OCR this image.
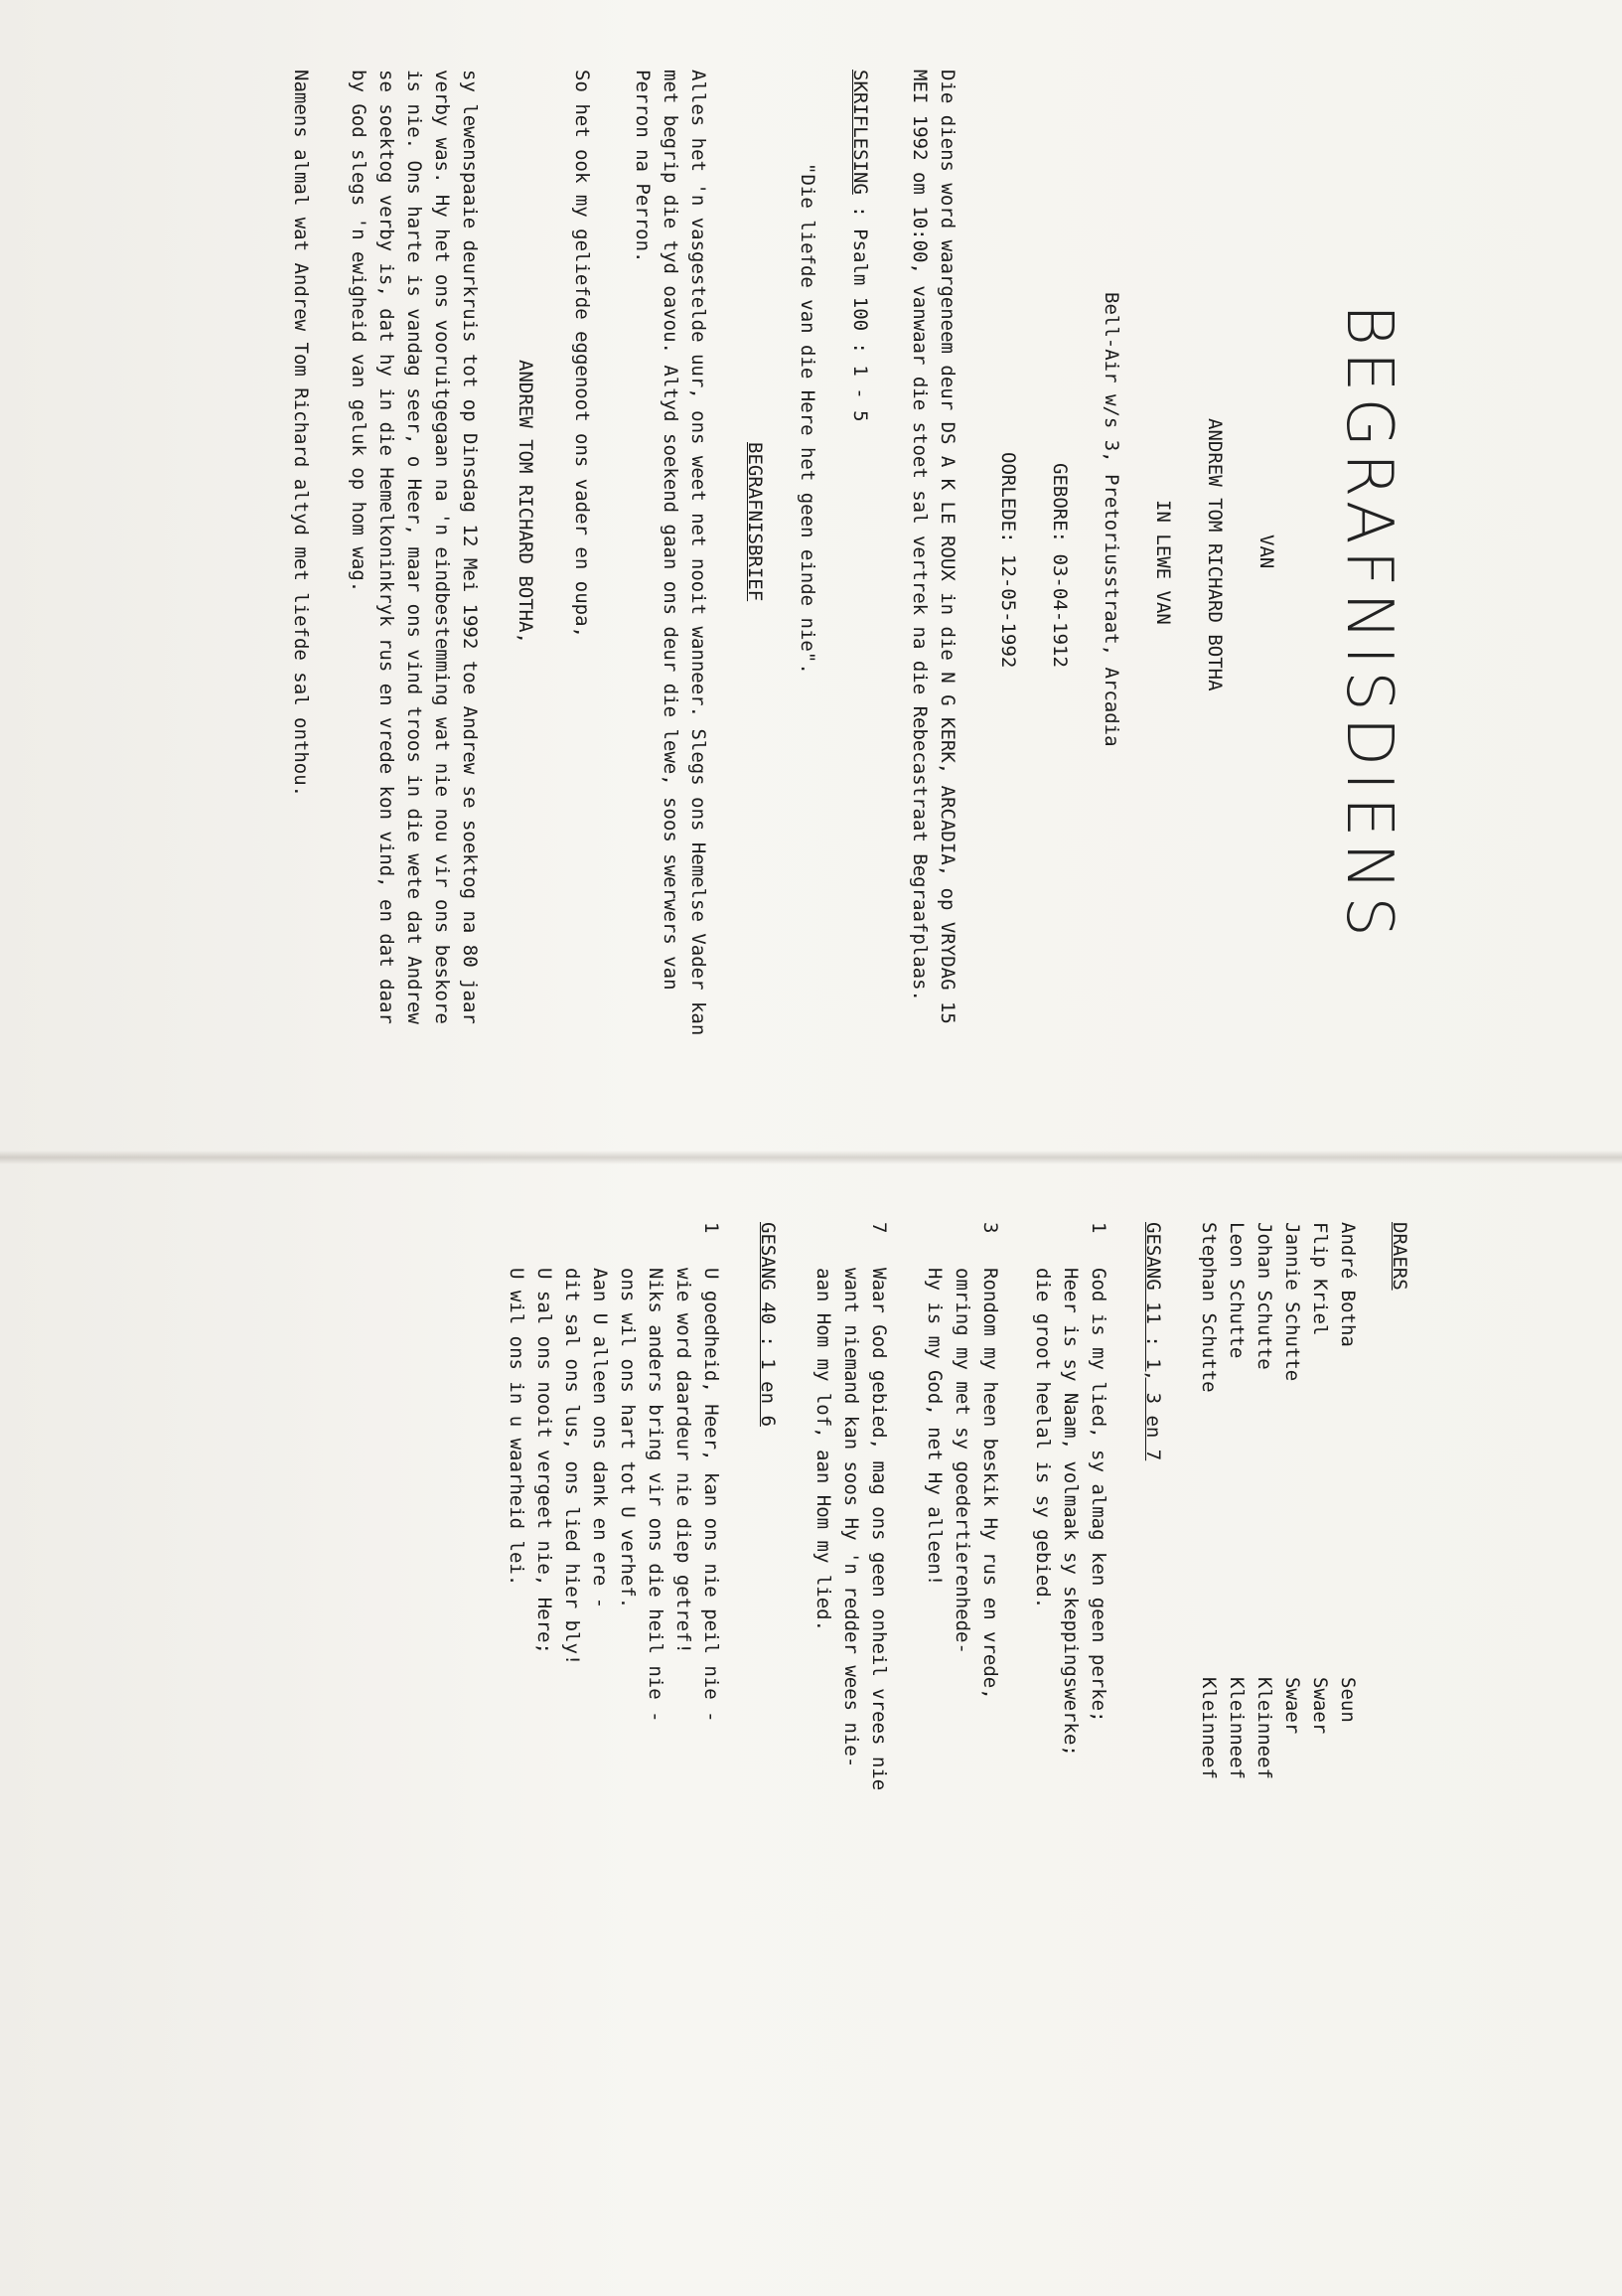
BEGRAFNISDIENS
VAN
ANDREW TOM RICHARD BOTHA
IN LEWE VAN
Bell-Air w/s 3, Pretoriusstraat, Arcadia
GEBORE: 03-04-1912
OORLEDE: 12-05-1992
Die diens word waargeneem deur DS A K LE ROUX in die N G KERK, ARCADIA, op VRYDAG 15
MEI 1992 om 10:00, vanwaar die stoet sal vertrek na die Rebecastraat Begraafplaas.
SKRIFLESING : Psalm 100 : 1 - 5
"Die liefde van die Here het geen einde nie".
BEGRAFNISBRIEF
Alles het 'n vasgestelde uur, ons weet net nooit wanneer. Slegs ons Hemelse Vader kan
met begrip die tyd oavou. Altyd soekend gaan ons deur die lewe, soos swerwers van
Perron na Perron.
So het ook my geliefde eggenoot ons vader en oupa,
ANDREW TOM RICHARD BOTHA,
sy lewenspaaie deurkruis tot op Dinsdag 12 Mei 1992 toe Andrew se soektog na 80 jaar
verby was. Hy het ons vooruitgegaan na 'n eindbestemming wat nie nou vir ons beskore
is nie. Ons harte is vandag seer, o Heer, maar ons vind troos in die wete dat Andrew
se soektog verby is, dat hy in die Hemelkoninkryk rus en vrede kon vind, en dat daar
by God slegs 'n ewigheid van geluk op hom wag.
Namens almal wat Andrew Tom Richard altyd met liefde sal onthou.
DRAERS
André Botha
Flip Kriel
Jannie Schutte
Johan Schutte
Leon Schutte
Stephan Schutte
Seun
Swaer
Swaer
Kleinneef
Kleinneef
Kleinneef
GESANG 11 : 1, 3 en 7
1
God is my lied, sy almag ken geen perke;
Heer is sy Naam, volmaak sy skeppingswerke;
die groot heelal is sy gebied.
3
Rondom my heen beskik Hy rus en vrede,
omring my met sy goedertierenhede-
Hy is my God, net Hy alleen!
7
Waar God gebied, mag ons geen onheil vrees nie
want niemand kan soos Hy 'n redder wees nie-
aan Hom my lof, aan Hom my lied.
GESANG 40 : 1 en 6
1
U goedheid, Heer, kan ons nie peil nie -
wie word daardeur nie diep getref!
Niks anders bring vir ons die heil nie -
ons wil ons hart tot U verhef.
Aan U alleen ons dank en ere -
dit sal ons lus, ons lied hier bly!
U sal ons nooit vergeet nie, Here;
U wil ons in u waarheid lei.
